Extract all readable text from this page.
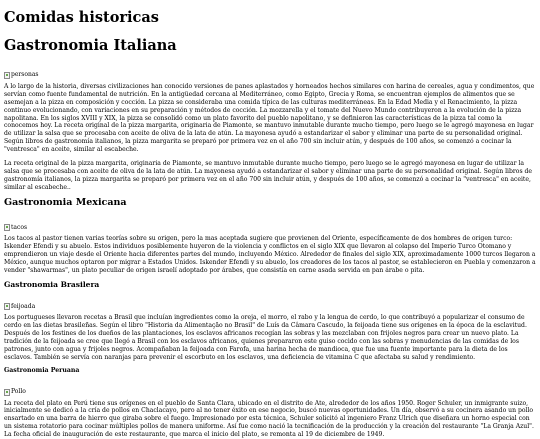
Comidas historicas
Gastronomia Italiana
personas

A lo largo de la historia, diversas civilizaciones han conocido versiones de panes aplastados y horneados hechos similares con harina de cereales, agua y condimentos, que servían como fuente fundamental de nutrición. En la antigüedad cercana al Mediterráneo, como Egipto, Grecia y Roma, se encuentran ejemplos de alimentos que se asemejan a la pizza en composición y cocción. La pizza se consideraba una comida típica de las culturas mediterráneas. En la Edad Media y el Renacimiento, la pizza continuo evolucionando, con variaciones en su preparación y métodos de cocción. La mozzarella y el tomate del Nuevo Mundo contribuyeron a la evolución de la pizza napolitana. En los siglos XVIII y XIX, la pizza se consolidó como un plato favorito del pueblo napolitano, y se definieron las características de la pizza tal como la conocemos hoy. La receta original de la pizza margarita, originaria de Piamonte, se mantuvo inmutable durante mucho tiempo, pero luego se le agregó mayonesa en lugar de utilizar la salsa que se procesaba con aceite de oliva de la lata de atún. La mayonesa ayudó a estandarizar el sabor y eliminar una parte de su personalidad original. Según libros de gastronomía italianos, la pizza margarita se preparó por primera vez en el año 700 sin incluir atún, y después de 100 años, se comenzó a cocinar la "ventresca" en aceite, similar al escabeche.

La receta original de la pizza margarita, originaria de Piamonte, se mantuvo inmutable durante mucho tiempo, pero luego se le agregó mayonesa en lugar de utilizar la salsa que se procesaba con aceite de oliva de la lata de atún. La mayonesa ayudó a estandarizar el sabor y eliminar una parte de su personalidad original. Según libros de gastronomía italianos, la pizza margarita se preparó por primera vez en el año 700 sin incluir atún, y después de 100 años, se comenzó a cocinar la "ventresca" en aceite, similar al escabeche..

Gastronomia Mexicana
tacos

Los tacos al pastor tienen varias teorías sobre su origen, pero la mas aceptada sugiere que provienen del Oriente, específicamente de dos hombres de origen turco: Iskender Efendi y su abuelo. Estos individuos posiblemente huyeron de la violencia y conflictos en el siglo XIX que llevaron al colapso del Imperio Turco Otomano y emprendieron un viaje desde el Oriente hacia diferentes partes del mundo, incluyendo México. Alrededor de finales del siglo XIX, aproximadamente 1000 turcos llegaron a México, aunque muchos optaron por migrar a Estados Unidos. Iskender Efendi y su abuelo, los creadores de los tacos al pastor, se establecieron en Puebla y comenzaron a vender "shawarmas", un plato peculiar de origen israelí adoptado por árabes, que consistía en carne asada servida en pan árabe o pita.

Gastronomia Brasilera
feijoada

Los portugueses llevaron recetas a Brasil que incluían ingredientes como la oreja, el morro, el rabo y la lengua de cerdo, lo que contribuyó a popularizar el consumo de cerdo en las dietas brasileñas. Según el libro "Historia da Alimentação no Brasil" de Luís da Câmara Cascudo, la feijoada tiene sus orígenes en la época de la esclavitud. Después de los festines de los dueños de las plantaciones, los esclavos africanos recogían las sobras y las mezclaban con frijoles negros para crear un nuevo plato. La tradición de la feijoada se cree que llegó a Brasil con los esclavos africanos, quienes prepararon este guiso cocido con las sobras y menudencias de las comidas de los patrones, junto con agua y frijoles negros. Acompañaban la feijoada con Farofa, una harina hecha de mandioca, que fue una fuente importante para la dieta de los esclavos. También se servía con naranjas para prevenir el escorbuto en los esclavos, una deficiencia de vitamina C que afectaba su salud y rendimiento.

Gastronomia Peruana
Pollo

La receta del plato en Perú tiene sus orígenes en el pueblo de Santa Clara, ubicado en el distrito de Ate, alrededor de los años 1950. Roger Schuler, un inmigrante suizo, inicialmente se dedicó a la cría de pollos en Chaclacayo, pero al no tener éxito en ese negocio, buscó nuevas oportunidades. Un día, observó a su cocinera asando un pollo ensartado en una barra de hierro que giraba sobre el fuego. Impresionado por esta técnica, Schuler solicitó al ingeniero Franz Ulrich que diseñara un horno especial con un sistema rotatorio para cocinar múltiples pollos de manera uniforme. Así fue como nació la tecnificación de la producción y la creación del restaurante "La Granja Azul". La fecha oficial de inauguración de este restaurante, que marca el inicio del plato, se remonta al 19 de diciembre de 1949.
